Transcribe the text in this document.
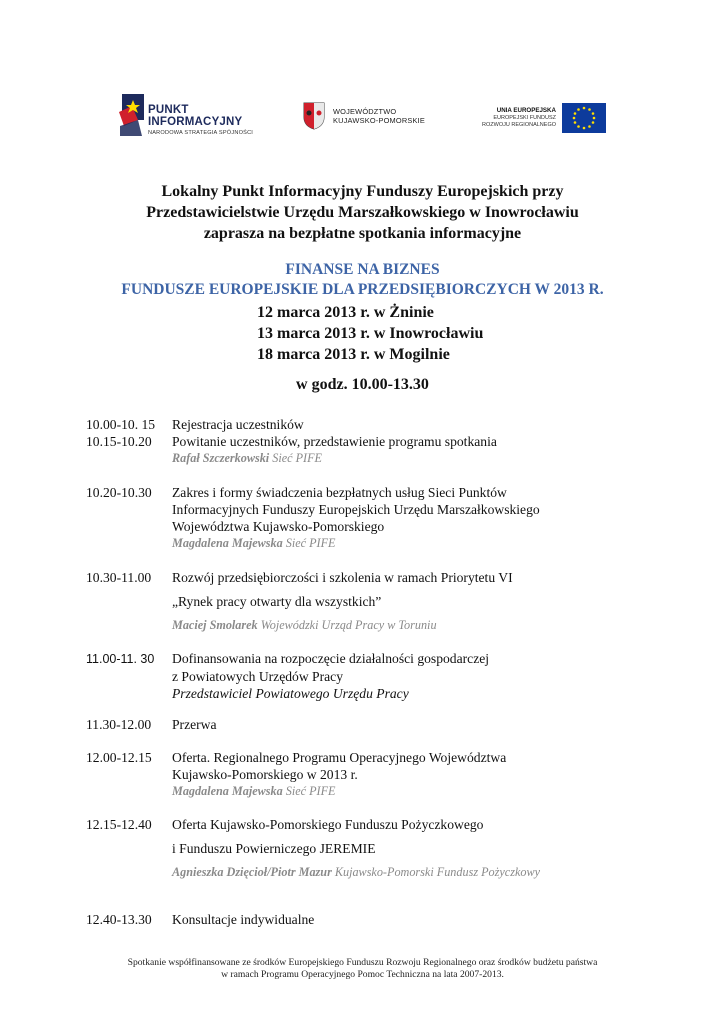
PUNKT
INFORMACYJNY
NARODOWA STRATEGIA SPÓJNOŚCI
WOJEWÓDZTWO
KUJAWSKO-POMORSKIE
UNIA EUROPEJSKA
EUROPEJSKI FUNDUSZ
ROZWOJU REGIONALNEGO
Lokalny Punkt Informacyjny Funduszy Europejskich przy
Przedstawicielstwie Urzędu Marszałkowskiego w Inowrocławiu
zaprasza na bezpłatne spotkania informacyjne
FINANSE NA BIZNES
FUNDUSZE EUROPEJSKIE DLA PRZEDSIĘBIORCZYCH W 2013 R.
12 marca 2013 r. w Żninie
13 marca 2013 r. w Inowrocławiu
18 marca 2013 r. w Mogilnie
w godz. 10.00-13.30
10.00-10. 15 Rejestracja uczestników
10.15-10.20 Powitanie uczestników, przedstawienie programu spotkania
Rafał Szczerkowski Sieć PIFE
10.20-10.30 Zakres i formy świadczenia bezpłatnych usług Sieci Punktów
Informacyjnych Funduszy Europejskich Urzędu Marszałkowskiego
Województwa Kujawsko-Pomorskiego
Magdalena Majewska Sieć PIFE
10.30-11.00 Rozwój przedsiębiorczości i szkolenia w ramach Priorytetu VI
„Rynek pracy otwarty dla wszystkich”
Maciej Smolarek Wojewódzki Urząd Pracy w Toruniu
11.00-11. 30 Dofinansowania na rozpoczęcie działalności gospodarczej
z Powiatowych Urzędów Pracy
Przedstawiciel Powiatowego Urzędu Pracy
11.30-12.00 Przerwa
12.00-12.15 Oferta. Regionalnego Programu Operacyjnego Województwa
Kujawsko-Pomorskiego w 2013 r.
Magdalena Majewska Sieć PIFE
12.15-12.40 Oferta Kujawsko-Pomorskiego Funduszu Pożyczkowego
i Funduszu Powierniczego JEREMIE
Agnieszka Dzięcioł/Piotr Mazur Kujawsko-Pomorski Fundusz Pożyczkowy
12.40-13.30 Konsultacje indywidualne
Spotkanie współfinansowane ze środków Europejskiego Funduszu Rozwoju Regionalnego oraz środków budżetu państwa
w ramach Programu Operacyjnego Pomoc Techniczna na lata 2007-2013.
